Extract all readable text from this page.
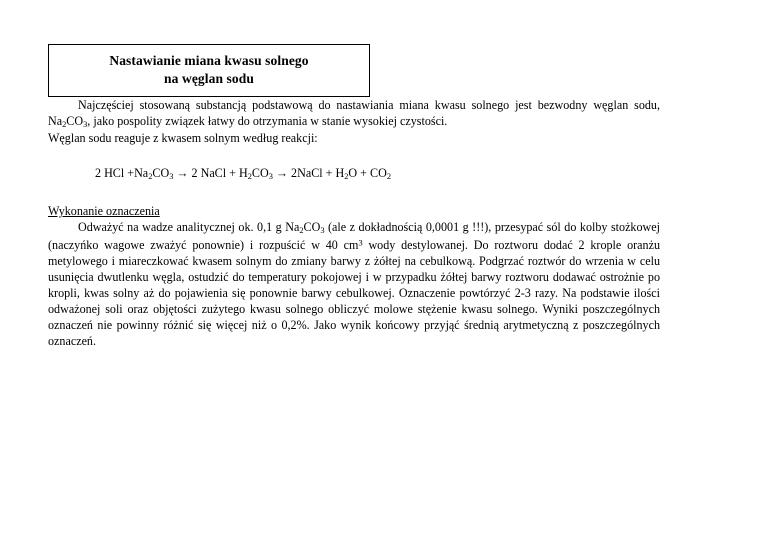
Nastawianie miana kwasu solnego
na węglan sodu

Najczęściej stosowaną substancją podstawową do nastawiania miana kwasu solnego jest bezwodny węglan sodu, $Na_2CO_3$, jako pospolity związek łatwy do otrzymania w stanie wysokiej czystości.

Węglan sodu reaguje z kwasem solnym według reakcji:

2 HCl $+Na_2CO_3 \to 2$ NaCl + $H_2CO_3$ → 2NaCl + $H_2O + CO_2$
Wykonanie oznaczenia

Odważyć na wadze analitycznej ok. 0,1 g $Na_2CO_3$ (ale z dokładnością 0,0001 g !!!), przesypać sól do kolby stożkowej (naczyńko wagowe zważyć ponownie) i rozpuścić w 40 $cm^3$ wody destylowanej. Do roztworu dodać 2 krople oranżu metylowego i miareczkować kwasem solnym do zmiany barwy z żółtej na cebulkową. Podgrzać roztwór do wrzenia w celu usunięcia dwutlenku węgla, ostudzić do temperatury pokojowej i w przypadku żółtej barwy roztworu dodawać ostrożnie po kropli, kwas solny aż do pojawienia się ponownie barwy cebulkowej. Oznaczenie powtórzyć 2-3 razy. Na podstawie ilości odważonej soli oraz objętości zużytego kwasu solnego obliczyć molowe stężenie kwasu solnego. Wyniki poszczególnych oznaczeń nie powinny różnić się więcej niż o 0,2%. Jako wynik końcowy przyjąć średnią arytmetyczną z poszczególnych oznaczeń.
